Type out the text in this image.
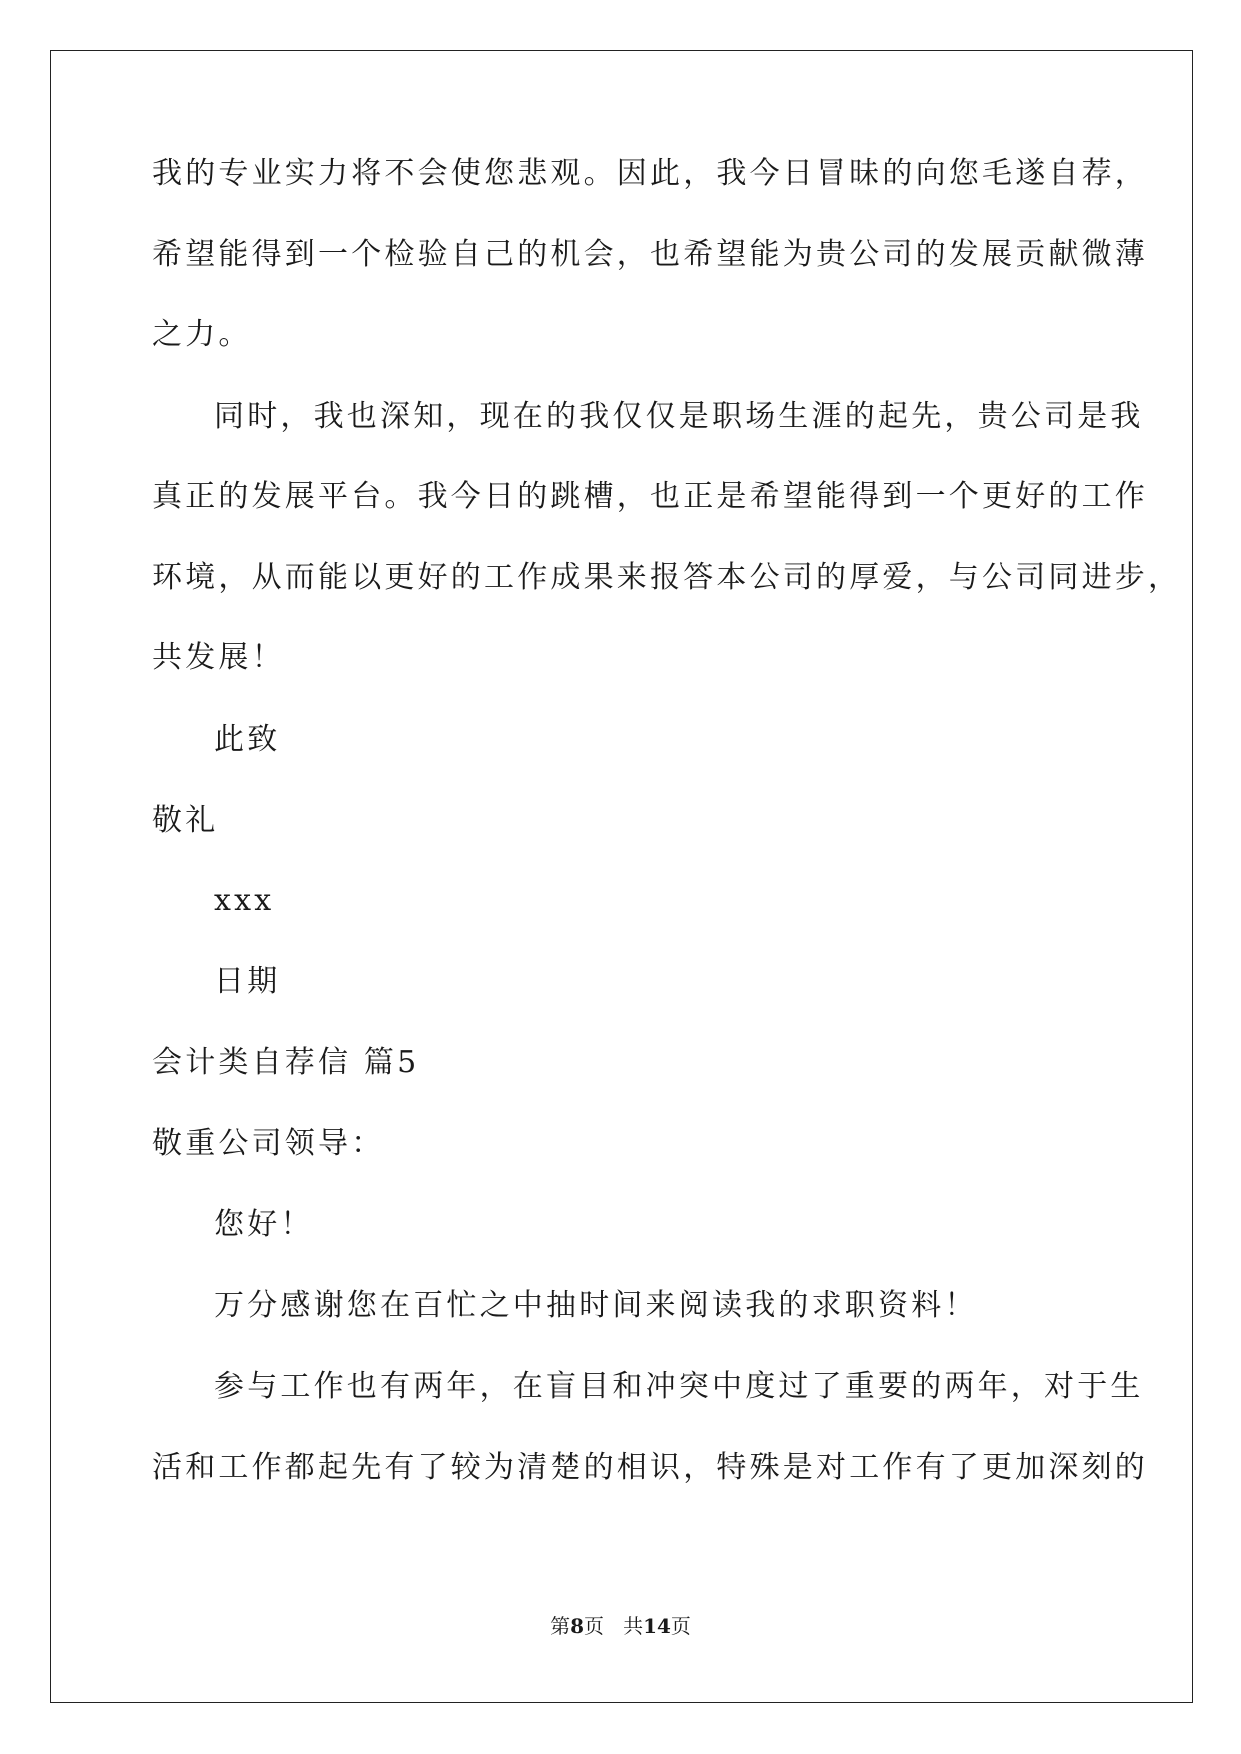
我的专业实力将不会使您悲观。因此，我今日冒昧的向您毛遂自荐，
希望能得到一个检验自己的机会，也希望能为贵公司的发展贡献微薄
之力。
同时，我也深知，现在的我仅仅是职场生涯的起先，贵公司是我
真正的发展平台。我今日的跳槽，也正是希望能得到一个更好的工作
环境，从而能以更好的工作成果来报答本公司的厚爱，与公司同进步，
共发展！
此致
敬礼
xxx
日期
会计类自荐信 篇5
敬重公司领导：
您好！
万分感谢您在百忙之中抽时间来阅读我的求职资料！
参与工作也有两年，在盲目和冲突中度过了重要的两年，对于生
活和工作都起先有了较为清楚的相识，特殊是对工作有了更加深刻的
第8页 共14页
